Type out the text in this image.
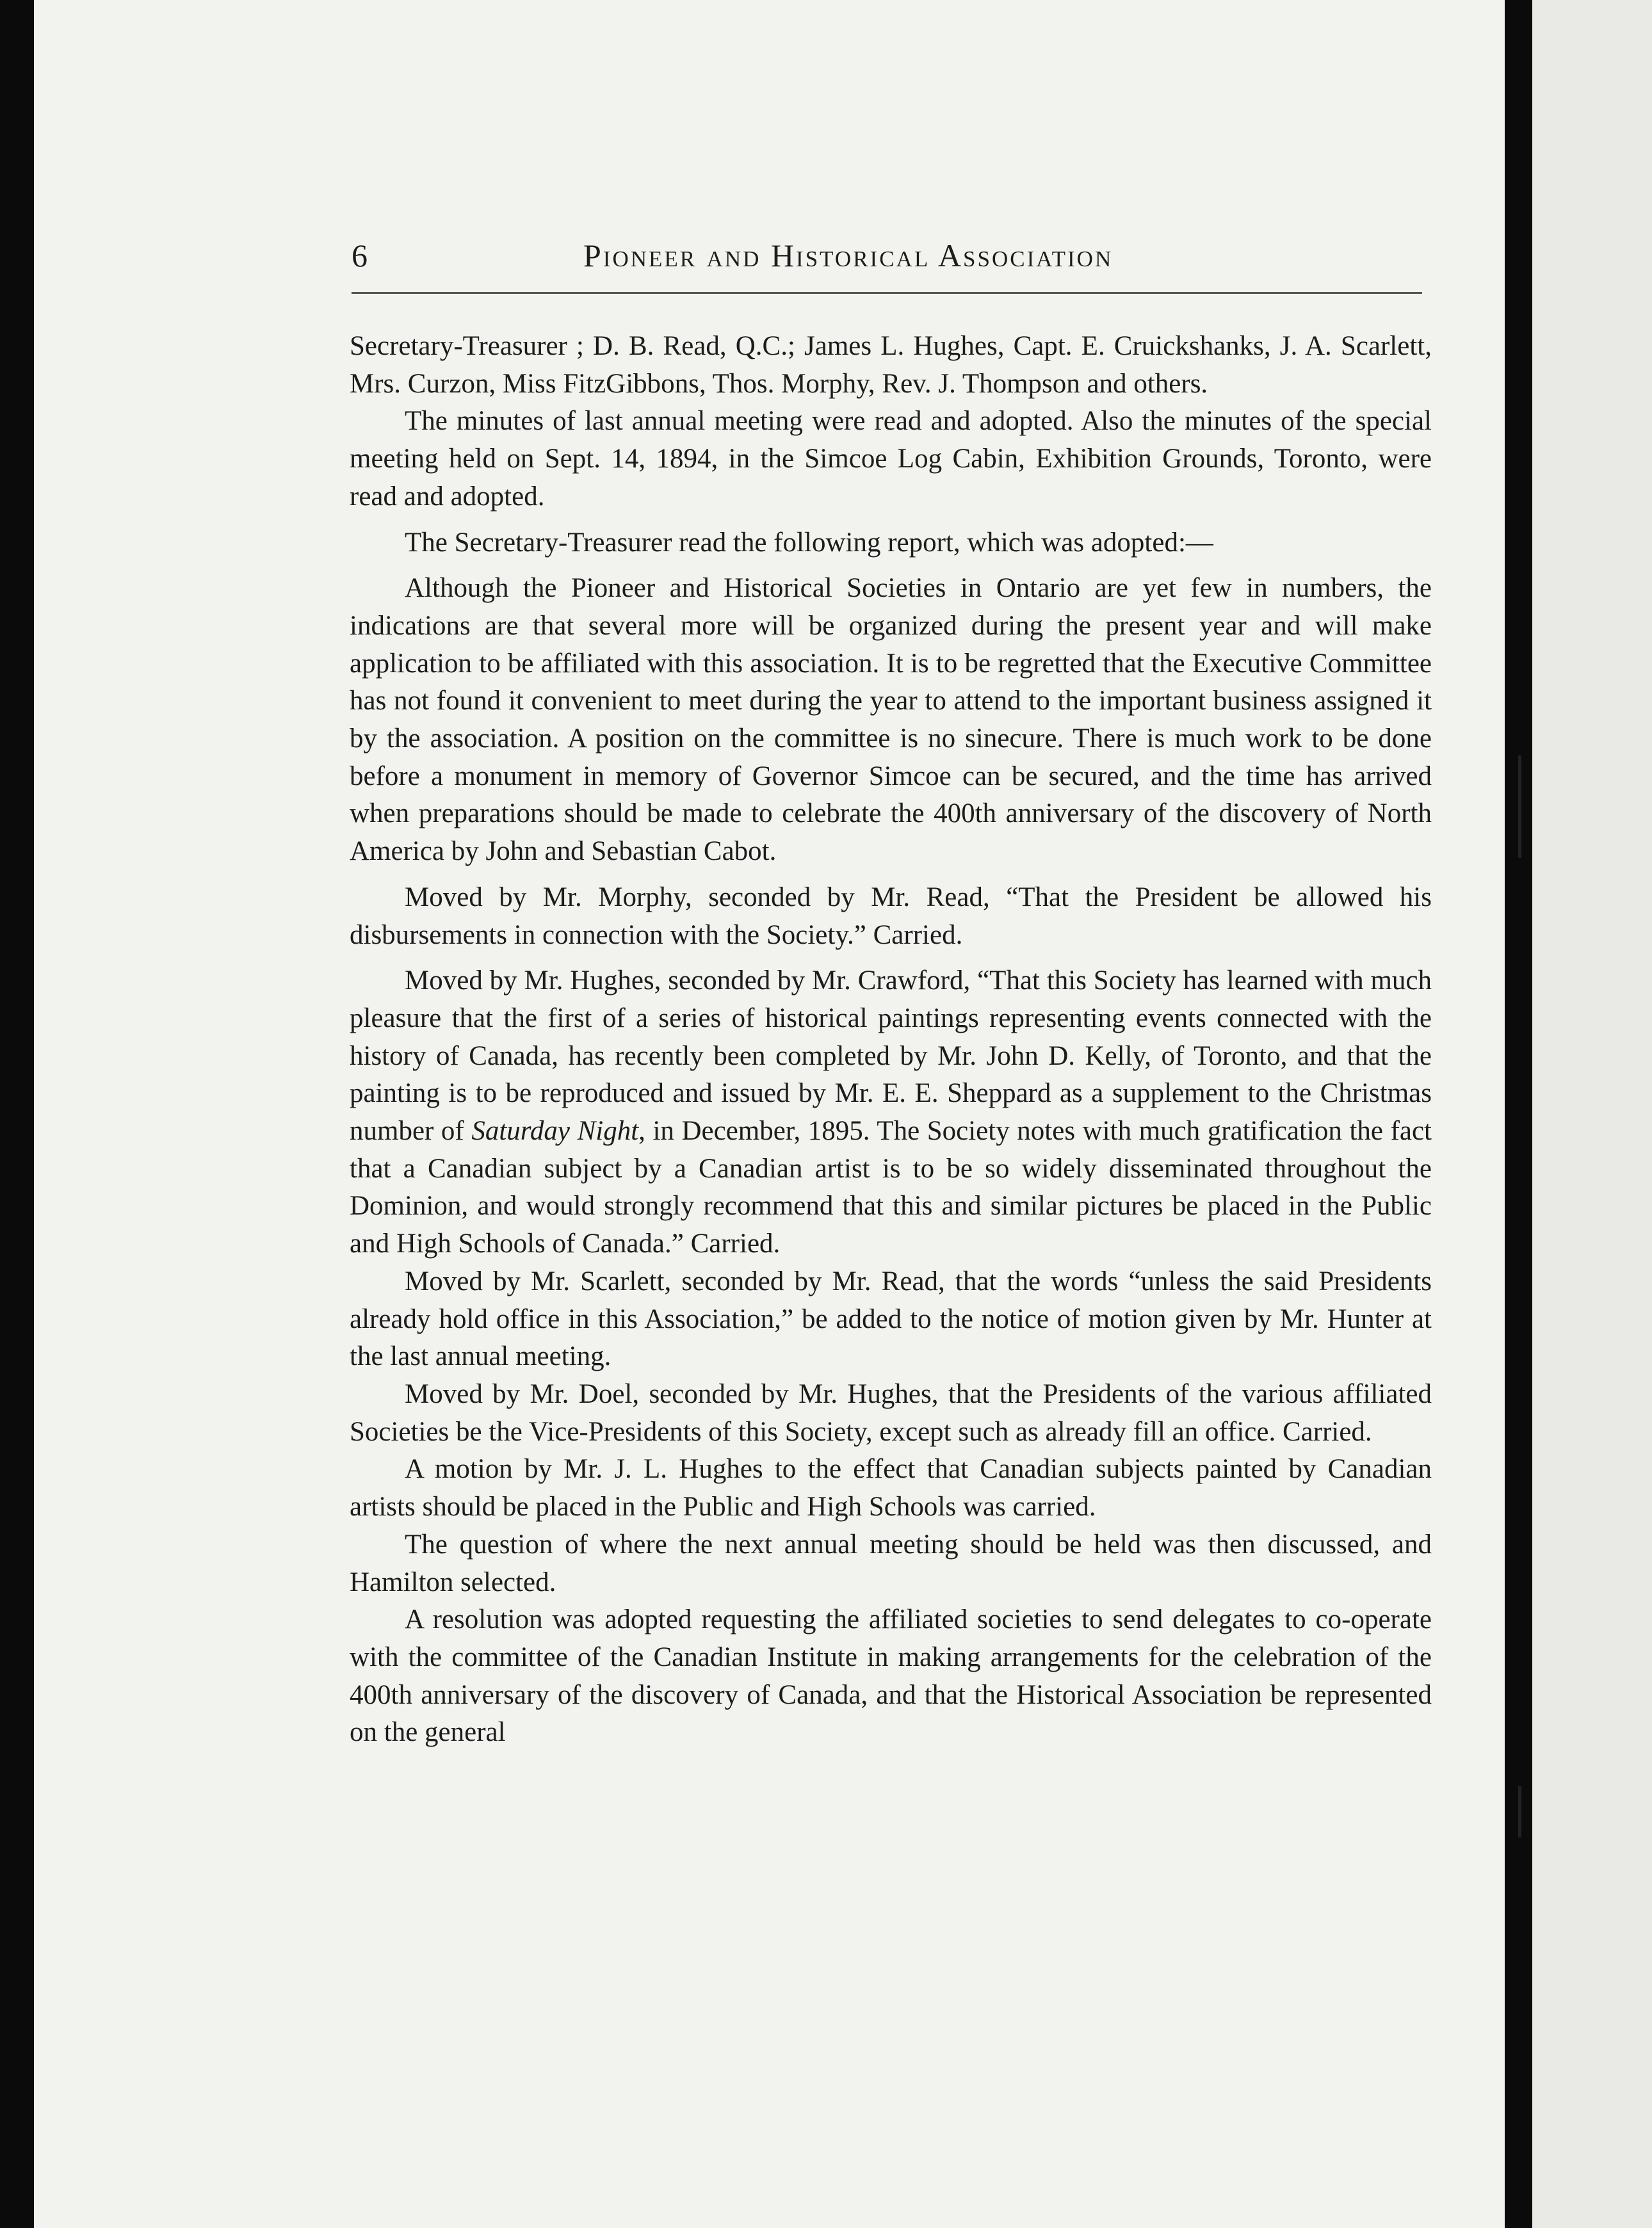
6	Pioneer and Historical Association

Secretary-Treasurer ; D. B. Read, Q.C.; James L. Hughes, Capt. E. Cruickshanks, J. A. Scarlett, Mrs. Curzon, Miss FitzGibbons, Thos. Morphy, Rev. J. Thompson and others.

The minutes of last annual meeting were read and adopted. Also the minutes of the special meeting held on Sept. 14, 1894, in the Simcoe Log Cabin, Exhibition Grounds, Toronto, were read and adopted.

The Secretary-Treasurer read the following report, which was adopted:—

Although the Pioneer and Historical Societies in Ontario are yet few in numbers, the indications are that several more will be organized during the present year and will make application to be affiliated with this association. It is to be regretted that the Executive Committee has not found it convenient to meet during the year to attend to the important business assigned it by the association. A position on the committee is no sinecure. There is much work to be done before a monument in memory of Governor Simcoe can be secured, and the time has arrived when preparations should be made to celebrate the 400th anniversary of the discovery of North America by John and Sebastian Cabot.

Moved by Mr. Morphy, seconded by Mr. Read, “That the President be allowed his disbursements in connection with the Society.” Carried.

Moved by Mr. Hughes, seconded by Mr. Crawford, “That this Society has learned with much pleasure that the first of a series of historical paintings representing events connected with the history of Canada, has recently been completed by Mr. John D. Kelly, of Toronto, and that the painting is to be reproduced and issued by Mr. E. E. Sheppard as a supplement to the Christmas number of Saturday Night, in December, 1895. The Society notes with much gratification the fact that a Canadian subject by a Canadian artist is to be so widely disseminated throughout the Dominion, and would strongly recommend that this and similar pictures be placed in the Public and High Schools of Canada.” Carried.

Moved by Mr. Scarlett, seconded by Mr. Read, that the words “unless the said Presidents already hold office in this Association,” be added to the notice of motion given by Mr. Hunter at the last annual meeting.

Moved by Mr. Doel, seconded by Mr. Hughes, that the Presidents of the various affiliated Societies be the Vice-Presidents of this Society, except such as already fill an office. Carried.

A motion by Mr. J. L. Hughes to the effect that Canadian subjects painted by Canadian artists should be placed in the Public and High Schools was carried.

The question of where the next annual meeting should be held was then discussed, and Hamilton selected.

A resolution was adopted requesting the affiliated societies to send delegates to co-operate with the committee of the Canadian Institute in making arrangements for the celebration of the 400th anniversary of the discovery of Canada, and that the Historical Association be represented on the general
